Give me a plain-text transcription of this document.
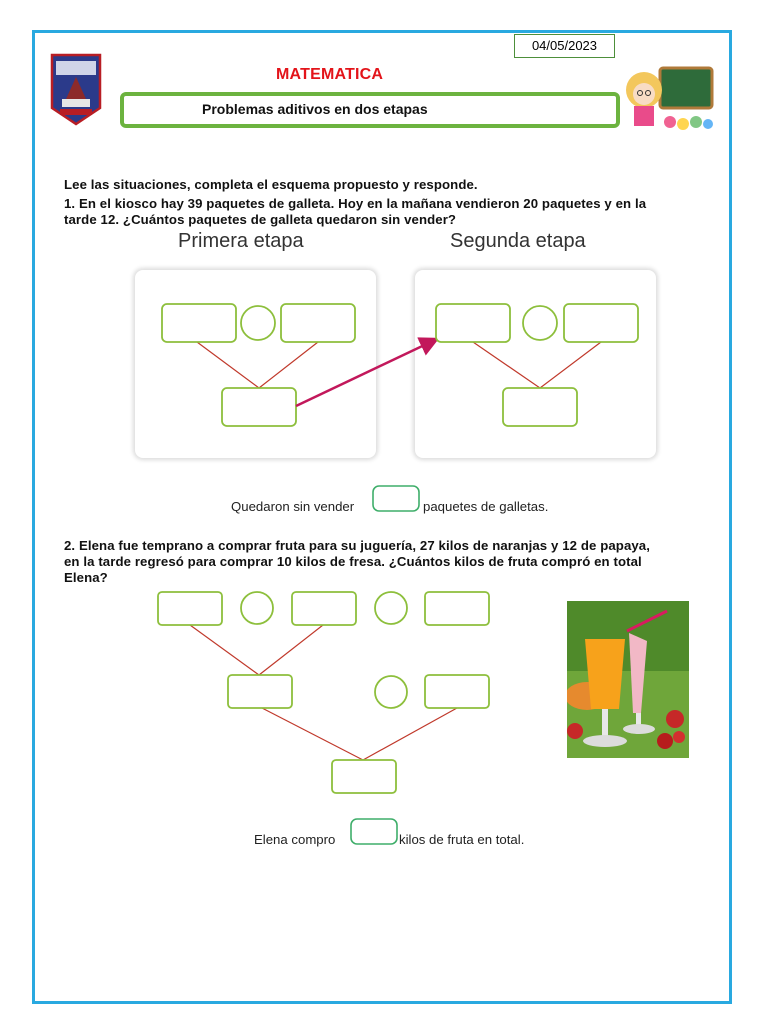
04/05/2023
MATEMATICA
Problemas aditivos en dos etapas
Lee las situaciones, completa el esquema propuesto y responde.
1. En el kiosco hay 39 paquetes de galleta. Hoy en la mañana vendieron 20 paquetes y en la
tarde 12. ¿Cuántos paquetes de galleta quedaron sin vender?
Primera etapa	Segunda etapa
Quedaron sin vender	paquetes de galletas.
2. Elena fue temprano a comprar fruta para su juguería, 27 kilos de naranjas y 12 de papaya,
en la tarde regresó para comprar 10 kilos de fresa. ¿Cuántos kilos de fruta compró en total
Elena?
Elena compro	kilos de fruta en total.
